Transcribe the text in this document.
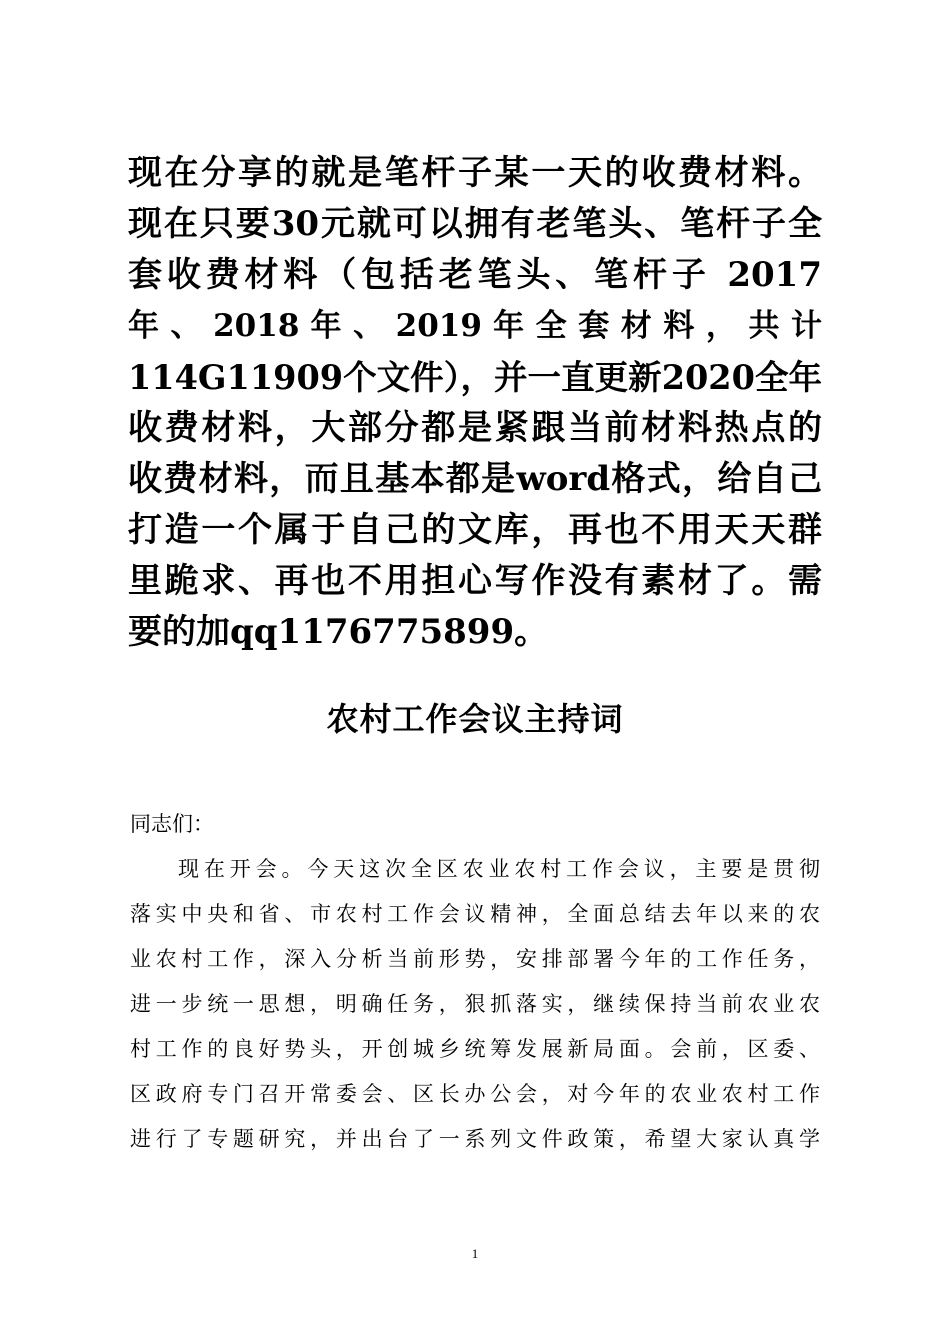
现在分享的就是笔杆子某一天的收费材料。
现在只要30元就可以拥有老笔头、笔杆子全
套收费材料（包括老笔头、笔杆子 2017
年 、 2018 年 、 2019 年 全 套 材 料 ， 共 计
114G11909个文件），并一直更新2020全年
收费材料，大部分都是紧跟当前材料热点的
收费材料，而且基本都是word格式，给自己
打造一个属于自己的文库，再也不用天天群
里跪求、再也不用担心写作没有素材了。需
要的加qq1176775899。
农村工作会议主持词
同志们：
现在开会。今天这次全区农业农村工作会议，主要是贯彻
落实中央和省、市农村工作会议精神，全面总结去年以来的农
业农村工作，深入分析当前形势，安排部署今年的工作任务，
进一步统一思想，明确任务，狠抓落实，继续保持当前农业农
村工作的良好势头，开创城乡统筹发展新局面。会前，区委、
区政府专门召开常委会、区长办公会，对今年的农业农村工作
进行了专题研究，并出台了一系列文件政策，希望大家认真学
1
